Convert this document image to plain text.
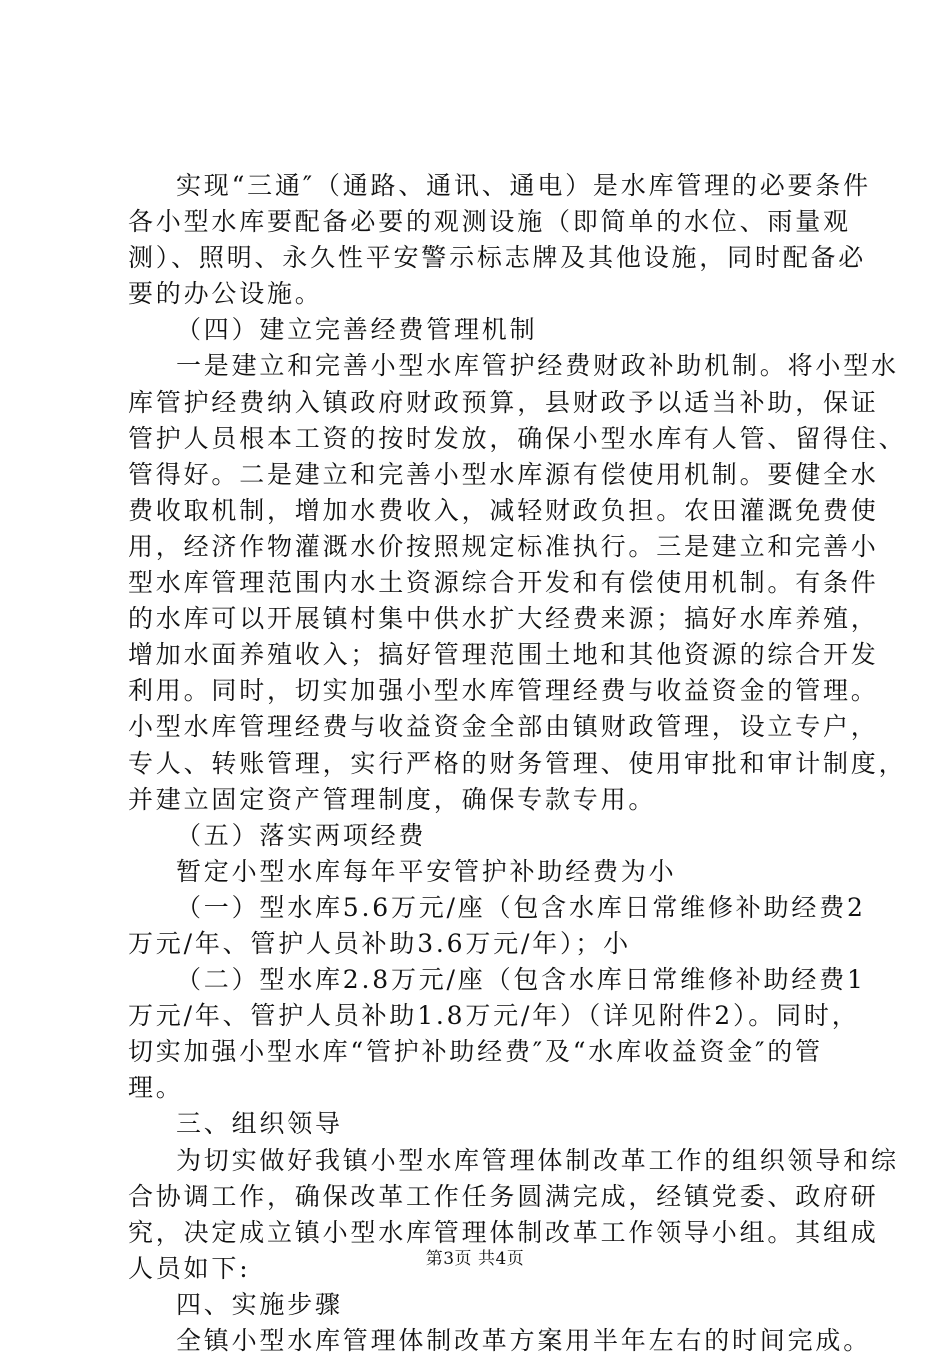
实现“三通″（通路、通讯、通电）是水库管理的必要条件
各小型水库要配备必要的观测设施（即简单的水位、雨量观
测）、照明、永久性平安警示标志牌及其他设施，同时配备必
要的办公设施。
（四）建立完善经费管理机制
一是建立和完善小型水库管护经费财政补助机制。将小型水
库管护经费纳入镇政府财政预算，县财政予以适当补助，保证
管护人员根本工资的按时发放，确保小型水库有人管、留得住、
管得好。二是建立和完善小型水库源有偿使用机制。要健全水
费收取机制，增加水费收入，减轻财政负担。农田灌溉免费使
用，经济作物灌溉水价按照规定标准执行。三是建立和完善小
型水库管理范围内水土资源综合开发和有偿使用机制。有条件
的水库可以开展镇村集中供水扩大经费来源；搞好水库养殖，
增加水面养殖收入；搞好管理范围土地和其他资源的综合开发
利用。同时，切实加强小型水库管理经费与收益资金的管理。
小型水库管理经费与收益资金全部由镇财政管理，设立专户，
专人、转账管理，实行严格的财务管理、使用审批和审计制度，
并建立固定资产管理制度，确保专款专用。
（五）落实两项经费
暂定小型水库每年平安管护补助经费为小
（一）型水库5.6万元/座（包含水库日常维修补助经费2
万元/年、管护人员补助3.6万元/年）；小
（二）型水库2.8万元/座（包含水库日常维修补助经费1
万元/年、管护人员补助1.8万元/年）（详见附件2）。同时，
切实加强小型水库“管护补助经费″及“水库收益资金″的管
理。
三、组织领导
为切实做好我镇小型水库管理体制改革工作的组织领导和综
合协调工作，确保改革工作任务圆满完成，经镇党委、政府研
究，决定成立镇小型水库管理体制改革工作领导小组。其组成
人员如下:
四、实施步骤
全镇小型水库管理体制改革方案用半年左右的时间完成。
第3页 共4页
